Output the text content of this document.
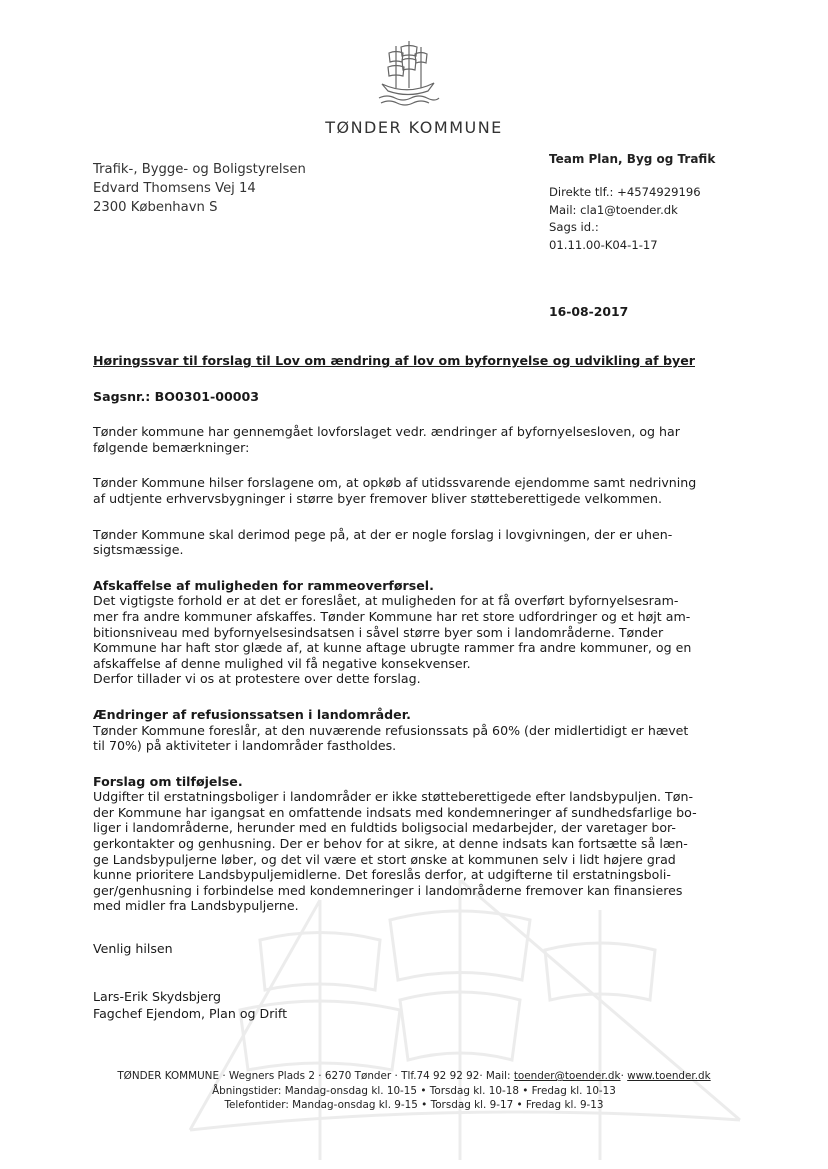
TØNDER KOMMUNE
Trafik-, Bygge- og Boligstyrelsen
Edvard Thomsens Vej 14
2300 København S
Team Plan, Byg og Trafik
Direkte tlf.: +4574929196
Mail: cla1@toender.dk
Sags id.:
01.11.00-K04-1-17
16-08-2017

Høringssvar til forslag til Lov om ændring af lov om byfornyelse og udvikling af byer

Sagsnr.: BO0301-00003

Tønder kommune har gennemgået lovforslaget vedr. ændringer af byfornyelsesloven, og har
følgende bemærkninger:

Tønder Kommune hilser forslagene om, at opkøb af utidssvarende ejendomme samt nedrivning
af udtjente erhvervsbygninger i større byer fremover bliver støtteberettigede velkommen.

Tønder Kommune skal derimod pege på, at der er nogle forslag i lovgivningen, der er uhen-
sigtsmæssige.

Afskaffelse af muligheden for rammeoverførsel.

Det vigtigste forhold er at det er foreslået, at muligheden for at få overført byfornyelsesram-
mer fra andre kommuner afskaffes. Tønder Kommune har ret store udfordringer og et højt am-
bitionsniveau med byfornyelsesindsatsen i såvel større byer som i landområderne. Tønder
Kommune har haft stor glæde af, at kunne aftage ubrugte rammer fra andre kommuner, og en
afskaffelse af denne mulighed vil få negative konsekvenser.
Derfor tillader vi os at protestere over dette forslag.

Ændringer af refusionssatsen i landområder.

Tønder Kommune foreslår, at den nuværende refusionssats på 60% (der midlertidigt er hævet
til 70%) på aktiviteter i landområder fastholdes.

Forslag om tilføjelse.

Udgifter til erstatningsboliger i landområder er ikke støtteberettigede efter landsbypuljen. Tøn-
der Kommune har igangsat en omfattende indsats med kondemneringer af sundhedsfarlige bo-
liger i landområderne, herunder med en fuldtids boligsocial medarbejder, der varetager bor-
gerkontakter og genhusning. Der er behov for at sikre, at denne indsats kan fortsætte så læn-
ge Landsbypuljerne løber, og det vil være et stort ønske at kommunen selv i lidt højere grad
kunne prioritere Landsbypuljemidlerne. Det foreslås derfor, at udgifterne til erstatningsboli-
ger/genhusning i forbindelse med kondemneringer i landområderne fremover kan finansieres
med midler fra Landsbypuljerne.

Venlig hilsen
Lars-Erik Skydsbjerg
Fagchef Ejendom, Plan og Drift
TØNDER KOMMUNE · Wegners Plads 2 · 6270 Tønder · Tlf.74 92 92 92· Mail: toender@toender.dk· www.toender.dk
Åbningstider: Mandag-onsdag kl. 10-15 • Torsdag kl. 10-18 • Fredag kl. 10-13
Telefontider: Mandag-onsdag kl. 9-15 • Torsdag kl. 9-17 • Fredag kl. 9-13
